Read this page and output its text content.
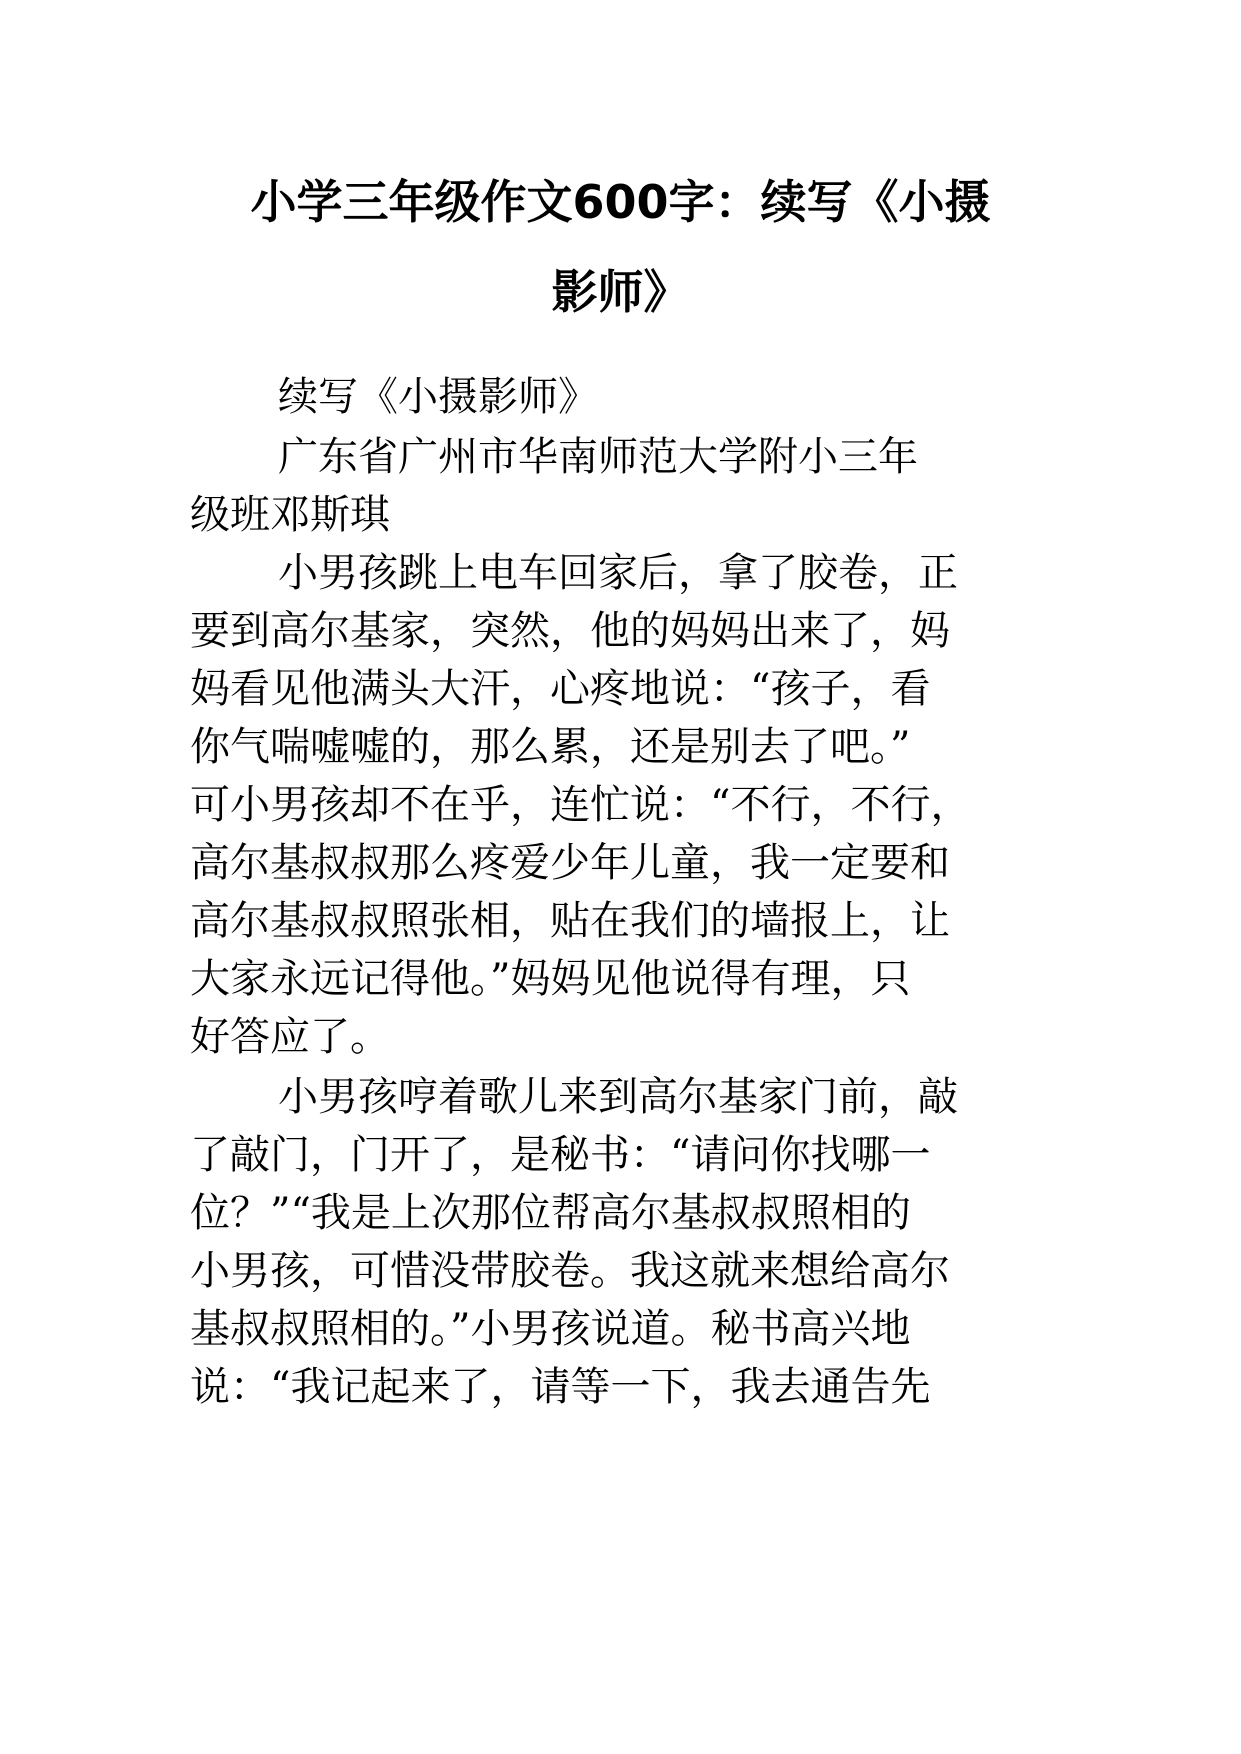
小学三年级作文600字：续写《小摄
影师》
续写《小摄影师》
广东省广州市华南师范大学附小三年
级班邓斯琪
小男孩跳上电车回家后，拿了胶卷，正
要到高尔基家，突然，他的妈妈出来了，妈
妈看见他满头大汗，心疼地说：“孩子，看
你气喘嘘嘘的，那么累，还是别去了吧。”
可小男孩却不在乎，连忙说：“不行，不行，
高尔基叔叔那么疼爱少年儿童，我一定要和
高尔基叔叔照张相，贴在我们的墙报上，让
大家永远记得他。”妈妈见他说得有理，只
好答应了。
小男孩哼着歌儿来到高尔基家门前，敲
了敲门，门开了，是秘书：“请问你找哪一
位？”“我是上次那位帮高尔基叔叔照相的
小男孩，可惜没带胶卷。我这就来想给高尔
基叔叔照相的。”小男孩说道。秘书高兴地
说：“我记起来了，请等一下，我去通告先
